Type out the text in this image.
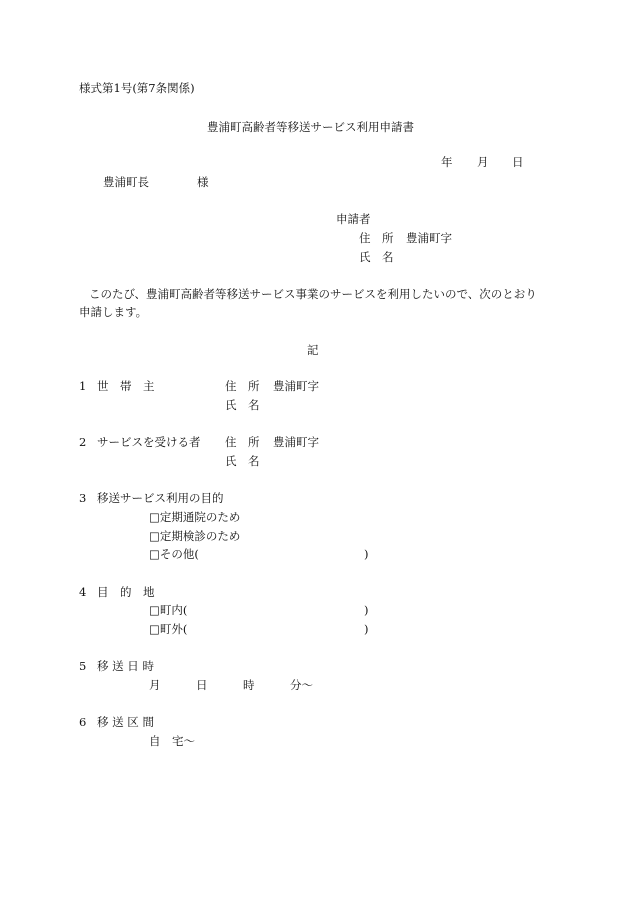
様式第1号(第7条関係)
豊浦町高齢者等移送サービス利用申請書
年 月 日
豊浦町長	様
申請者
住　所 豊浦町字
氏　名
このたび、豊浦町高齢者等移送サービス事業のサービスを利用したいので、次のとおり
申請します。
記
1 世　帯　主	住　所 豊浦町字
氏　名
2 サービスを受ける者 住　所 豊浦町字
氏　名
3 移送サービス利用の目的
□定期通院のため
□定期検診のため
□その他(	)
4 目　的　地
□町内(	)
□町外(	)
5 移 送 日 時
月	日	時	分～
6 移 送 区 間
自　宅～
